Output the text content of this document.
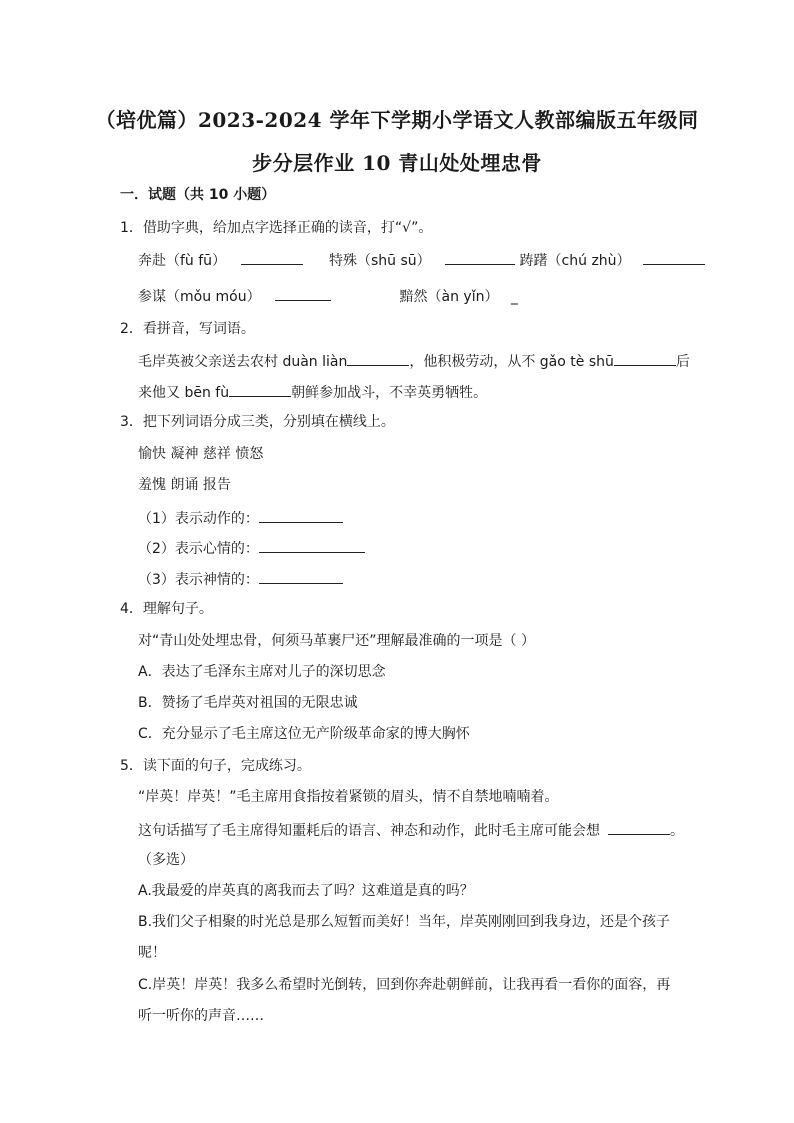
（培优篇）2023-2024 学年下学期小学语文人教部编版五年级同
步分层作业 10 青山处处埋忠骨
一．试题（共 10 小题）
1．借助字典，给加点字选择正确的读音，打“√”。
奔赴（fù fū）	特殊（shū sū）	踌躇（chú zhù）
参谋（mǒu móu）	黯然（àn yǐn） _
2．看拼音，写词语。
毛岸英被父亲送去农村 duàn liàn	，他积极劳动，从不 gǎo tè shū	后
来他又 bēn fù	朝鲜参加战斗，不幸英勇牺牲。
3．把下列词语分成三类，分别填在横线上。
愉快 凝神 慈祥 愤怒
羞愧 朗诵 报告
（1）表示动作的：
（2）表示心情的：
（3）表示神情的：
4．理解句子。
对“青山处处埋忠骨，何须马革裹尸还”理解最准确的一项是（ ）
A．表达了毛泽东主席对儿子的深切思念
B．赞扬了毛岸英对祖国的无限忠诚
C．充分显示了毛主席这位无产阶级革命家的博大胸怀
5．读下面的句子，完成练习。
“岸英！岸英！”毛主席用食指按着紧锁的眉头，情不自禁地喃喃着。
这句话描写了毛主席得知噩耗后的语言、神态和动作，此时毛主席可能会想	。
（多选）
A.我最爱的岸英真的离我而去了吗？这难道是真的吗？
B.我们父子相聚的时光总是那么短暂而美好！当年，岸英刚刚回到我身边，还是个孩子
呢！
C.岸英！岸英！我多么希望时光倒转，回到你奔赴朝鲜前，让我再看一看你的面容，再
听一听你的声音……
